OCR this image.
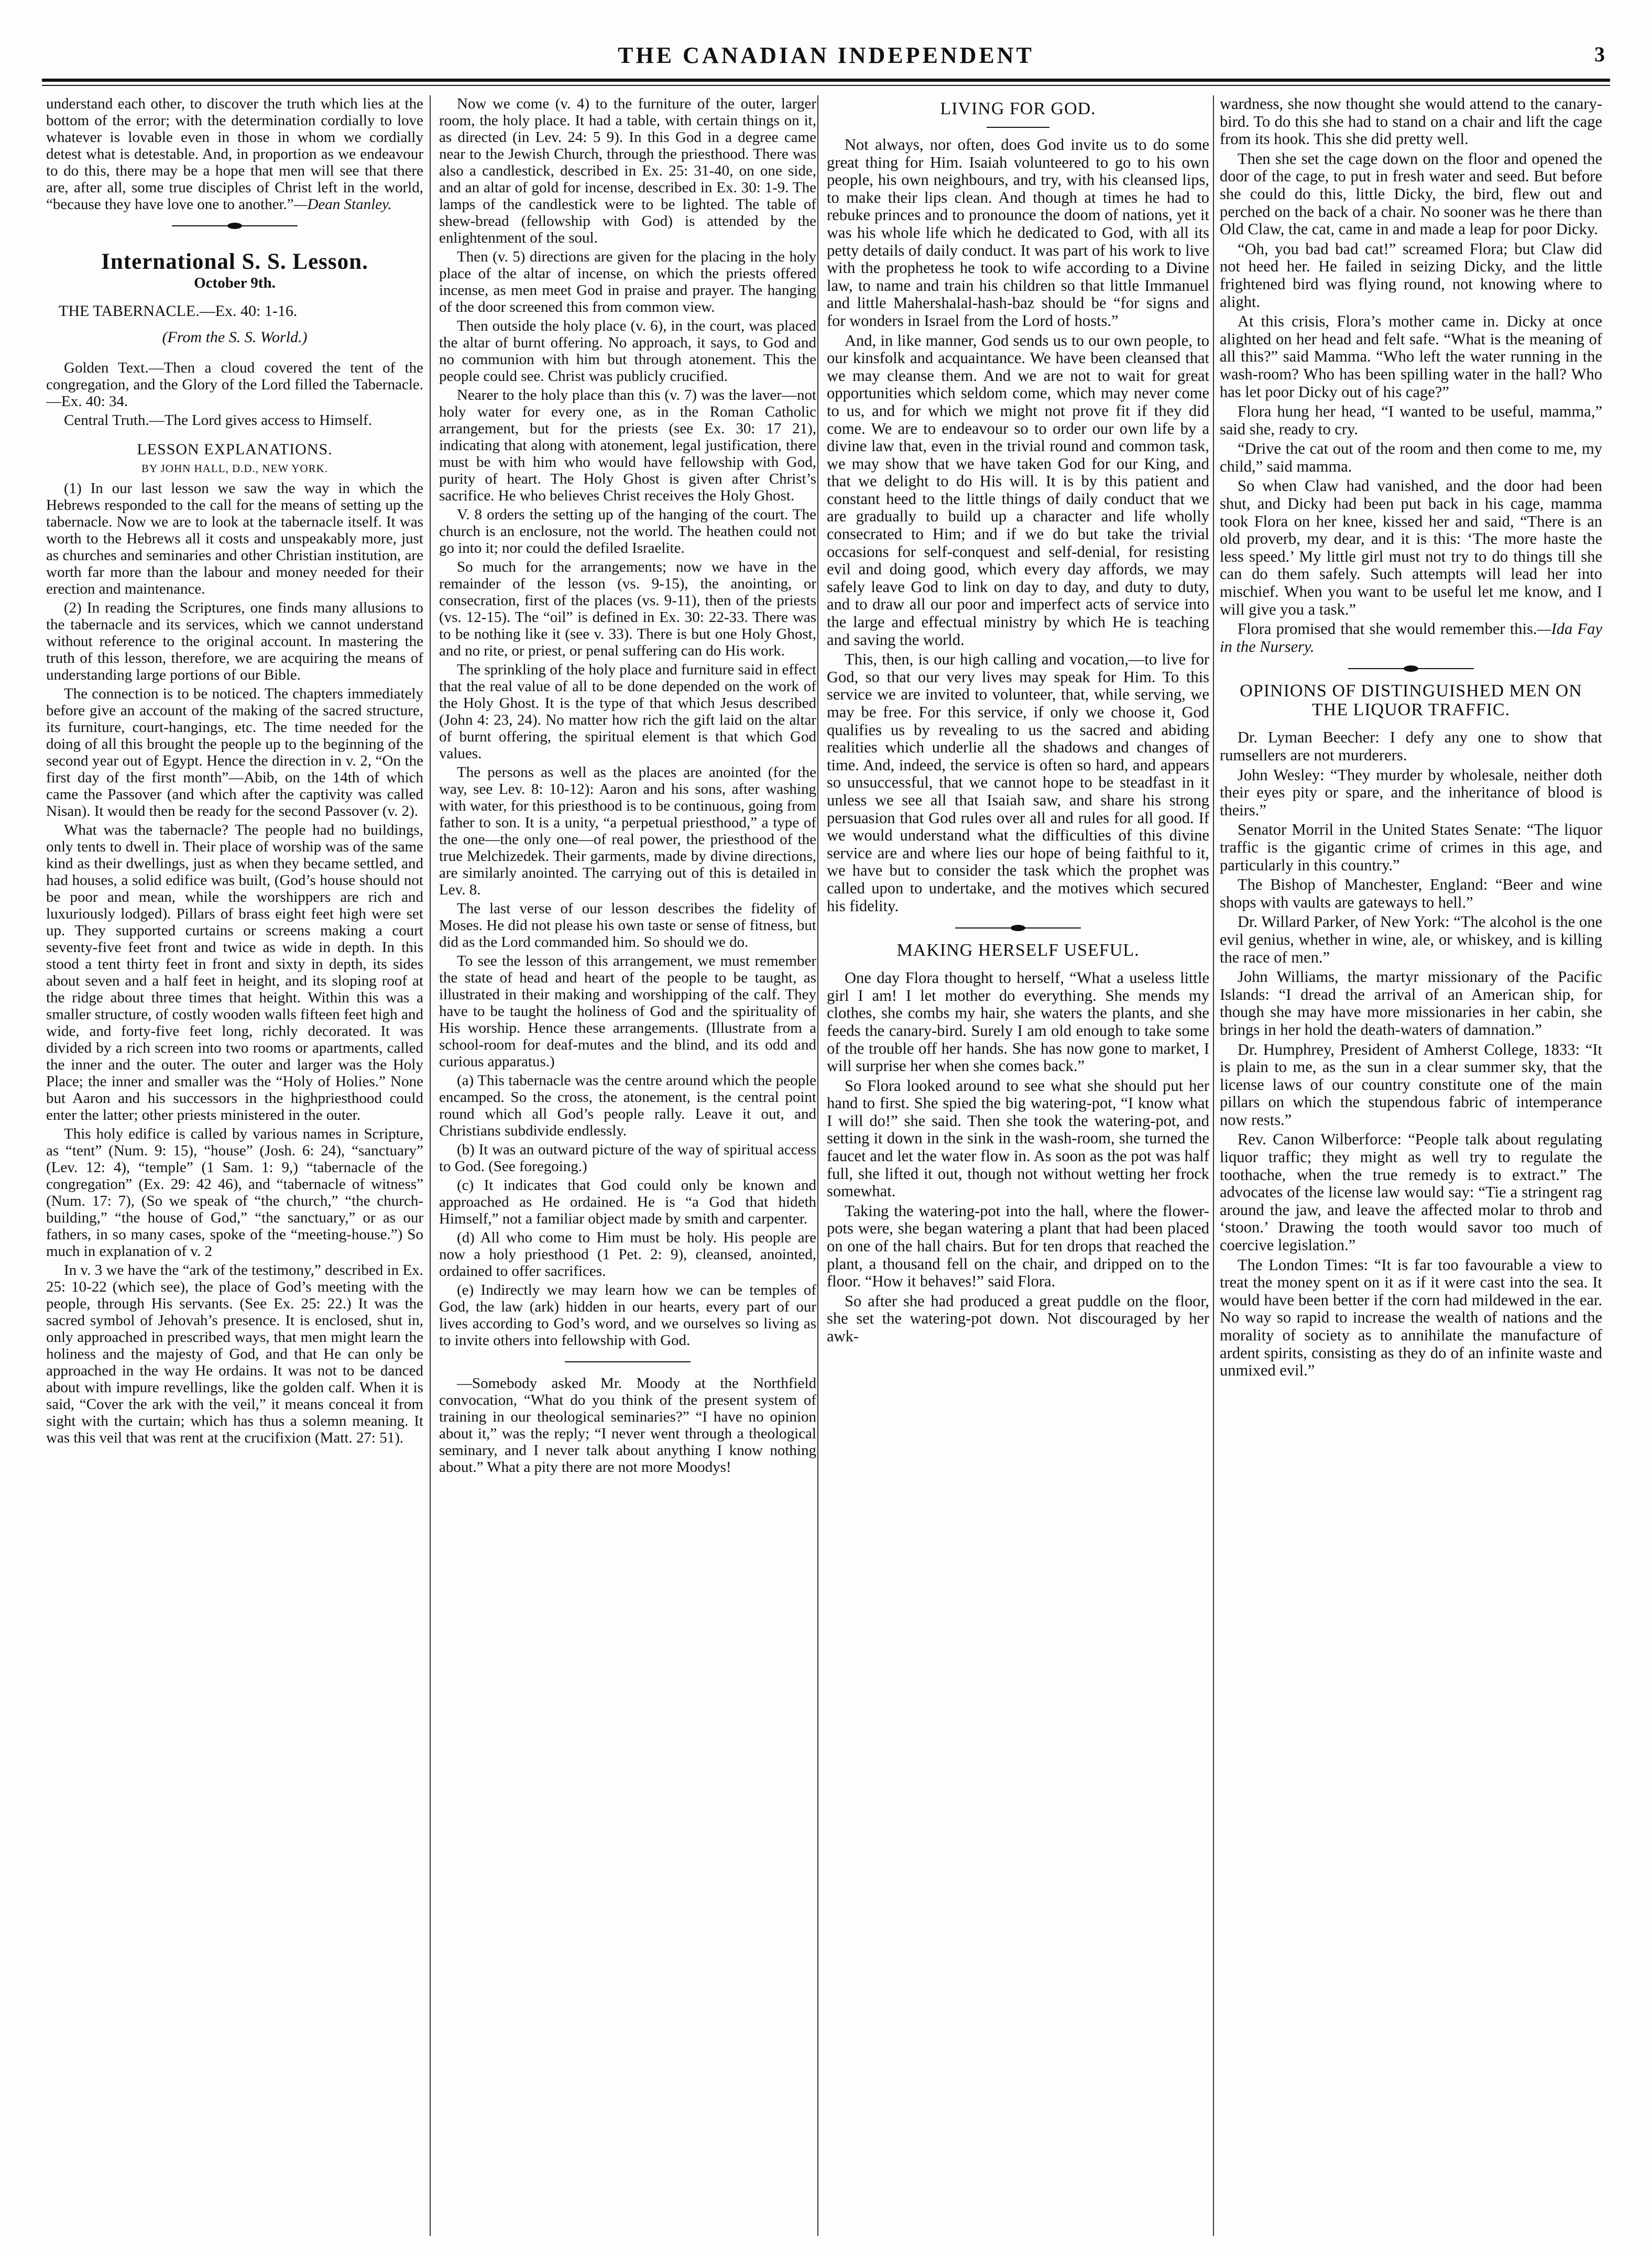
THE CANADIAN INDEPENDENT	3

understand each other, to discover the truth which lies at the bottom of the error; with the determination cordially to love whatever is lovable even in those in whom we cordially detest what is detestable. And, in proportion as we endeavour to do this, there may be a hope that men will see that there are, after all, some true disciples of Christ left in the world, “because they have love one to another.”—Dean Stanley.

International S. S. Lesson.
October 9th.
THE TABERNACLE.—Ex. 40: 1-16.
(From the S. S. World.)

Golden Text.—Then a cloud covered the tent of the congregation, and the Glory of the Lord filled the Tabernacle.—Ex. 40: 34.

Central Truth.—The Lord gives access to Himself.

LESSON EXPLANATIONS.
BY JOHN HALL, D.D., NEW YORK.

(1) In our last lesson we saw the way in which the Hebrews responded to the call for the means of setting up the tabernacle. Now we are to look at the tabernacle itself. It was worth to the Hebrews all it costs and unspeakably more, just as churches and seminaries and other Christian institution, are worth far more than the labour and money needed for their erection and maintenance.

(2) In reading the Scriptures, one finds many allusions to the tabernacle and its services, which we cannot understand without reference to the original account. In mastering the truth of this lesson, therefore, we are acquiring the means of understanding large portions of our Bible.

The connection is to be noticed. The chapters immediately before give an account of the making of the sacred structure, its furniture, court-hangings, etc. The time needed for the doing of all this brought the people up to the beginning of the second year out of Egypt. Hence the direction in v. 2, “On the first day of the first month”—Abib, on the 14th of which came the Passover (and which after the captivity was called Nisan). It would then be ready for the second Passover (v. 2).

What was the tabernacle? The people had no buildings, only tents to dwell in. Their place of worship was of the same kind as their dwellings, just as when they became settled, and had houses, a solid edifice was built, (God’s house should not be poor and mean, while the worshippers are rich and luxuriously lodged). Pillars of brass eight feet high were set up. They supported curtains or screens making a court seventy-five feet front and twice as wide in depth. In this stood a tent thirty feet in front and sixty in depth, its sides about seven and a half feet in height, and its sloping roof at the ridge about three times that height. Within this was a smaller structure, of costly wooden walls fifteen feet high and wide, and forty-five feet long, richly decorated. It was divided by a rich screen into two rooms or apartments, called the inner and the outer. The outer and larger was the Holy Place; the inner and smaller was the “Holy of Holies.” None but Aaron and his successors in the highpriesthood could enter the latter; other priests ministered in the outer.

This holy edifice is called by various names in Scripture, as “tent” (Num. 9: 15), “house” (Josh. 6: 24), “sanctuary” (Lev. 12: 4), “temple” (1 Sam. 1: 9,) “tabernacle of the congregation” (Ex. 29: 42 46), and “tabernacle of witness” (Num. 17: 7), (So we speak of “the church,” “the church-building,” “the house of God,” “the sanctuary,” or as our fathers, in so many cases, spoke of the “meeting-house.”) So much in explanation of v. 2

In v. 3 we have the “ark of the testimony,” described in Ex. 25: 10-22 (which see), the place of God’s meeting with the people, through His servants. (See Ex. 25: 22.) It was the sacred symbol of Jehovah’s presence. It is enclosed, shut in, only approached in prescribed ways, that men might learn the holiness and the majesty of God, and that He can only be approached in the way He ordains. It was not to be danced about with impure revellings, like the golden calf. When it is said, “Cover the ark with the veil,” it means conceal it from sight with the curtain; which has thus a solemn meaning. It was this veil that was rent at the crucifixion (Matt. 27: 51).

Now we come (v. 4) to the furniture of the outer, larger room, the holy place. It had a table, with certain things on it, as directed (in Lev. 24: 5 9). In this God in a degree came near to the Jewish Church, through the priesthood. There was also a candlestick, described in Ex. 25: 31-40, on one side, and an altar of gold for incense, described in Ex. 30: 1-9. The lamps of the candlestick were to be lighted. The table of shew-bread (fellowship with God) is attended by the enlightenment of the soul.

Then (v. 5) directions are given for the placing in the holy place of the altar of incense, on which the priests offered incense, as men meet God in praise and prayer. The hanging of the door screened this from common view.

Then outside the holy place (v. 6), in the court, was placed the altar of burnt offering. No approach, it says, to God and no communion with him but through atonement. This the people could see. Christ was publicly crucified.

Nearer to the holy place than this (v. 7) was the laver—not holy water for every one, as in the Roman Catholic arrangement, but for the priests (see Ex. 30: 17 21), indicating that along with atonement, legal justification, there must be with him who would have fellowship with God, purity of heart. The Holy Ghost is given after Christ’s sacrifice. He who believes Christ receives the Holy Ghost.

V. 8 orders the setting up of the hanging of the court. The church is an enclosure, not the world. The heathen could not go into it; nor could the defiled Israelite.

So much for the arrangements; now we have in the remainder of the lesson (vs. 9-15), the anointing, or consecration, first of the places (vs. 9-11), then of the priests (vs. 12-15). The “oil” is defined in Ex. 30: 22-33. There was to be nothing like it (see v. 33). There is but one Holy Ghost, and no rite, or priest, or penal suffering can do His work.

The sprinkling of the holy place and furniture said in effect that the real value of all to be done depended on the work of the Holy Ghost. It is the type of that which Jesus described (John 4: 23, 24). No matter how rich the gift laid on the altar of burnt offering, the spiritual element is that which God values.

The persons as well as the places are anointed (for the way, see Lev. 8: 10-12): Aaron and his sons, after washing with water, for this priesthood is to be continuous, going from father to son. It is a unity, “a perpetual priesthood,” a type of the one—the only one—of real power, the priesthood of the true Melchizedek. Their garments, made by divine directions, are similarly anointed. The carrying out of this is detailed in Lev. 8.

The last verse of our lesson describes the fidelity of Moses. He did not please his own taste or sense of fitness, but did as the Lord commanded him. So should we do.

To see the lesson of this arrangement, we must remember the state of head and heart of the people to be taught, as illustrated in their making and worshipping of the calf. They have to be taught the holiness of God and the spirituality of His worship. Hence these arrangements. (Illustrate from a school-room for deaf-mutes and the blind, and its odd and curious apparatus.)

(a) This tabernacle was the centre around which the people encamped. So the cross, the atonement, is the central point round which all God’s people rally. Leave it out, and Christians subdivide endlessly.

(b) It was an outward picture of the way of spiritual access to God. (See foregoing.)

(c) It indicates that God could only be known and approached as He ordained. He is “a God that hideth Himself,” not a familiar object made by smith and carpenter.

(d) All who come to Him must be holy. His people are now a holy priesthood (1 Pet. 2: 9), cleansed, anointed, ordained to offer sacrifices.

(e) Indirectly we may learn how we can be temples of God, the law (ark) hidden in our hearts, every part of our lives according to God’s word, and we ourselves so living as to invite others into fellowship with God.

—Somebody asked Mr. Moody at the Northfield convocation, “What do you think of the present system of training in our theological seminaries?” “I have no opinion about it,” was the reply; “I never went through a theological seminary, and I never talk about anything I know nothing about.” What a pity there are not more Moodys!

LIVING FOR GOD.

Not always, nor often, does God invite us to do some great thing for Him. Isaiah volunteered to go to his own people, his own neighbours, and try, with his cleansed lips, to make their lips clean. And though at times he had to rebuke princes and to pronounce the doom of nations, yet it was his whole life which he dedicated to God, with all its petty details of daily conduct. It was part of his work to live with the prophetess he took to wife according to a Divine law, to name and train his children so that little Immanuel and little Mahershalal-hash-baz should be “for signs and for wonders in Israel from the Lord of hosts.”

And, in like manner, God sends us to our own people, to our kinsfolk and acquaintance. We have been cleansed that we may cleanse them. And we are not to wait for great opportunities which seldom come, which may never come to us, and for which we might not prove fit if they did come. We are to endeavour so to order our own life by a divine law that, even in the trivial round and common task, we may show that we have taken God for our King, and that we delight to do His will. It is by this patient and constant heed to the little things of daily conduct that we are gradually to build up a character and life wholly consecrated to Him; and if we do but take the trivial occasions for self-conquest and self-denial, for resisting evil and doing good, which every day affords, we may safely leave God to link on day to day, and duty to duty, and to draw all our poor and imperfect acts of service into the large and effectual ministry by which He is teaching and saving the world.

This, then, is our high calling and vocation,—to live for God, so that our very lives may speak for Him. To this service we are invited to volunteer, that, while serving, we may be free. For this service, if only we choose it, God qualifies us by revealing to us the sacred and abiding realities which underlie all the shadows and changes of time. And, indeed, the service is often so hard, and appears so unsuccessful, that we cannot hope to be steadfast in it unless we see all that Isaiah saw, and share his strong persuasion that God rules over all and rules for all good. If we would understand what the difficulties of this divine service are and where lies our hope of being faithful to it, we have but to consider the task which the prophet was called upon to undertake, and the motives which secured his fidelity.

MAKING HERSELF USEFUL.

One day Flora thought to herself, “What a useless little girl I am! I let mother do everything. She mends my clothes, she combs my hair, she waters the plants, and she feeds the canary-bird. Surely I am old enough to take some of the trouble off her hands. She has now gone to market, I will surprise her when she comes back.”

So Flora looked around to see what she should put her hand to first. She spied the big watering-pot, “I know what I will do!” she said. Then she took the watering-pot, and setting it down in the sink in the wash-room, she turned the faucet and let the water flow in. As soon as the pot was half full, she lifted it out, though not without wetting her frock somewhat.

Taking the watering-pot into the hall, where the flower-pots were, she began watering a plant that had been placed on one of the hall chairs. But for ten drops that reached the plant, a thousand fell on the chair, and dripped on to the floor. “How it behaves!” said Flora.

So after she had produced a great puddle on the floor, she set the watering-pot down. Not discouraged by her awk-

wardness, she now thought she would attend to the canary-bird. To do this she had to stand on a chair and lift the cage from its hook. This she did pretty well.

Then she set the cage down on the floor and opened the door of the cage, to put in fresh water and seed. But before she could do this, little Dicky, the bird, flew out and perched on the back of a chair. No sooner was he there than Old Claw, the cat, came in and made a leap for poor Dicky.

“Oh, you bad bad cat!” screamed Flora; but Claw did not heed her. He failed in seizing Dicky, and the little frightened bird was flying round, not knowing where to alight.

At this crisis, Flora’s mother came in. Dicky at once alighted on her head and felt safe. “What is the meaning of all this?” said Mamma. “Who left the water running in the wash-room? Who has been spilling water in the hall? Who has let poor Dicky out of his cage?”

Flora hung her head, “I wanted to be useful, mamma,” said she, ready to cry.

“Drive the cat out of the room and then come to me, my child,” said mamma.

So when Claw had vanished, and the door had been shut, and Dicky had been put back in his cage, mamma took Flora on her knee, kissed her and said, “There is an old proverb, my dear, and it is this: ‘The more haste the less speed.’ My little girl must not try to do things till she can do them safely. Such attempts will lead her into mischief. When you want to be useful let me know, and I will give you a task.”

Flora promised that she would remember this.—Ida Fay in the Nursery.

OPINIONS OF DISTINGUISHED MEN ON THE LIQUOR TRAFFIC.

Dr. Lyman Beecher: I defy any one to show that rumsellers are not murderers.

John Wesley: “They murder by wholesale, neither doth their eyes pity or spare, and the inheritance of blood is theirs.”

Senator Morril in the United States Senate: “The liquor traffic is the gigantic crime of crimes in this age, and particularly in this country.”

The Bishop of Manchester, England: “Beer and wine shops with vaults are gateways to hell.”

Dr. Willard Parker, of New York: “The alcohol is the one evil genius, whether in wine, ale, or whiskey, and is killing the race of men.”

John Williams, the martyr missionary of the Pacific Islands: “I dread the arrival of an American ship, for though she may have more missionaries in her cabin, she brings in her hold the death-waters of damnation.”

Dr. Humphrey, President of Amherst College, 1833: “It is plain to me, as the sun in a clear summer sky, that the license laws of our country constitute one of the main pillars on which the stupendous fabric of intemperance now rests.”

Rev. Canon Wilberforce: “People talk about regulating liquor traffic; they might as well try to regulate the toothache, when the true remedy is to extract.” The advocates of the license law would say: “Tie a stringent rag around the jaw, and leave the affected molar to throb and ‘stoon.’ Drawing the tooth would savor too much of coercive legislation.”

The London Times: “It is far too favourable a view to treat the money spent on it as if it were cast into the sea. It would have been better if the corn had mildewed in the ear. No way so rapid to increase the wealth of nations and the morality of society as to annihilate the manufacture of ardent spirits, consisting as they do of an infinite waste and unmixed evil.”
